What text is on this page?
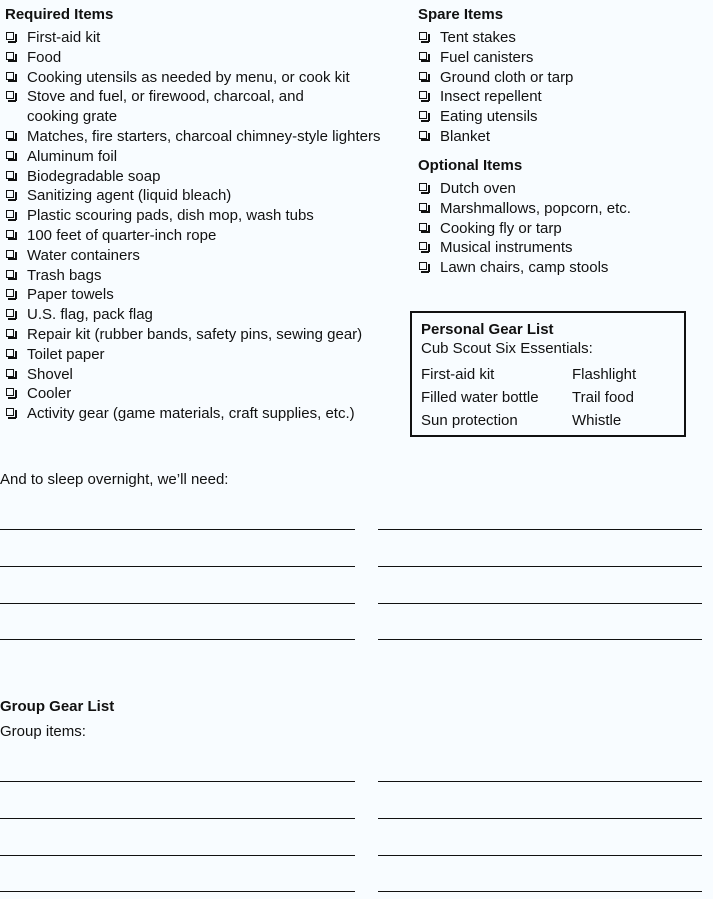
Required Items
First-aid kit
Food
Cooking utensils as needed by menu, or cook kit
Stove and fuel, or firewood, charcoal, and
cooking grate
Matches, fire starters, charcoal chimney-style lighters
Aluminum foil
Biodegradable soap
Sanitizing agent (liquid bleach)
Plastic scouring pads, dish mop, wash tubs
100 feet of quarter-inch rope
Water containers
Trash bags
Paper towels
U.S. flag, pack flag
Repair kit (rubber bands, safety pins, sewing gear)
Toilet paper
Shovel
Cooler
Activity gear (game materials, craft supplies, etc.)
Spare Items
Tent stakes
Fuel canisters
Ground cloth or tarp
Insect repellent
Eating utensils
Blanket
Optional Items
Dutch oven
Marshmallows, popcorn, etc.
Cooking fly or tarp
Musical instruments
Lawn chairs, camp stools
Personal Gear List
Cub Scout Six Essentials:
First-aid kit	Flashlight
Filled water bottle Trail food
Sun protection	Whistle
And to sleep overnight, we’ll need:
Group Gear List
Group items:
